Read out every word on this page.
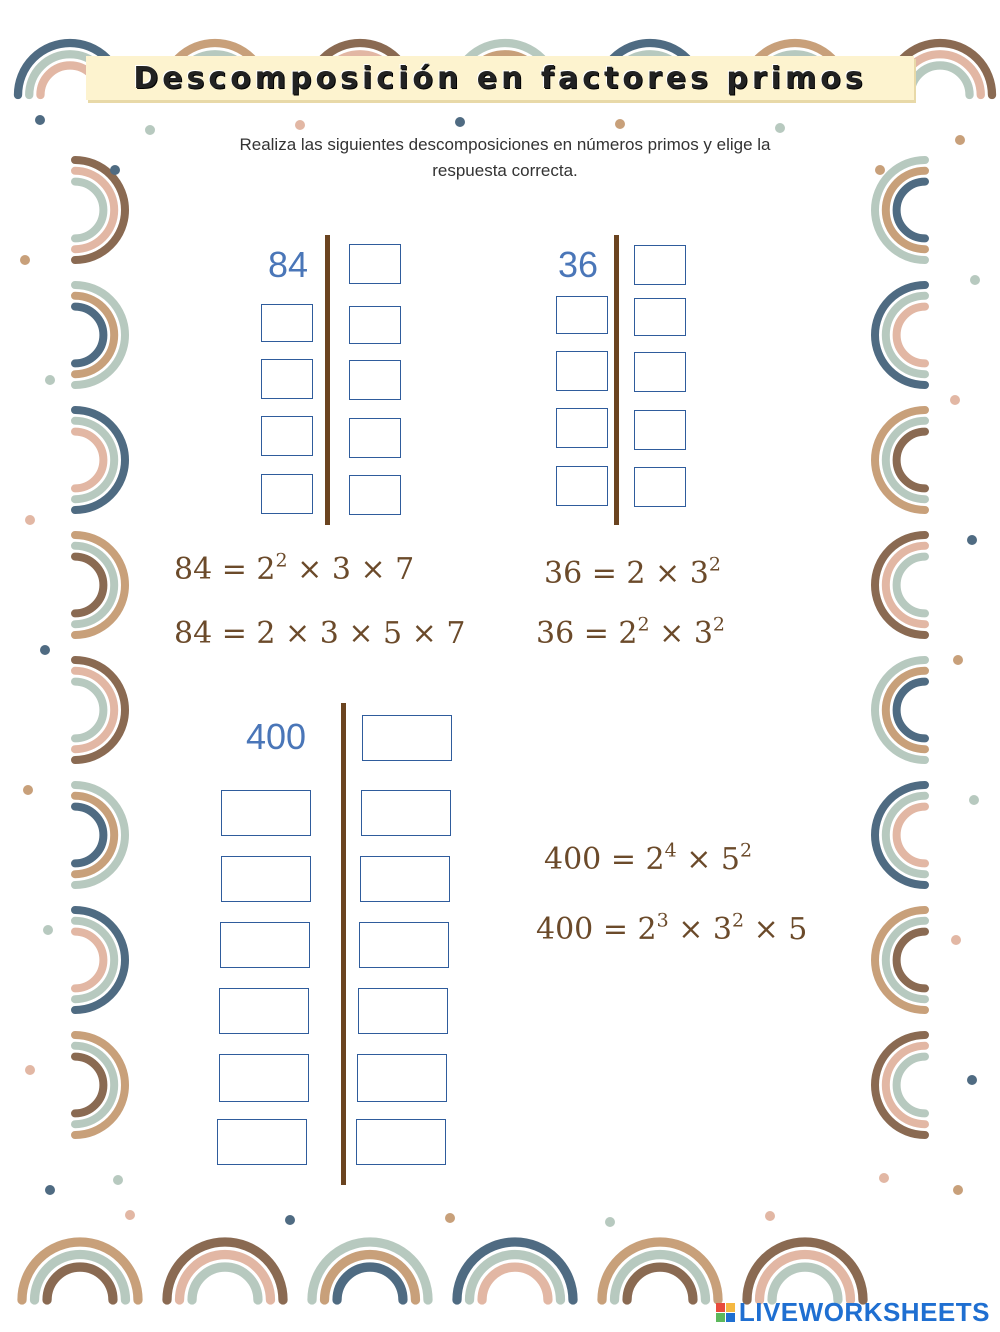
Descomposición en factores primos
Realiza las siguientes descomposiciones en números primos y elige la
respuesta correcta.
84	36
$84 = 2^2 \times 3 \times 7$
84 = 2 × 3 × 5 × 7
$36 = 2 \times 3^2$
$36 = 2^2 \times 3^2$
400
$400 = 2^4 \times 5^2$
$400 = 2^3 \times 3^2 \times 5$
LIVEWORKSHEETS
